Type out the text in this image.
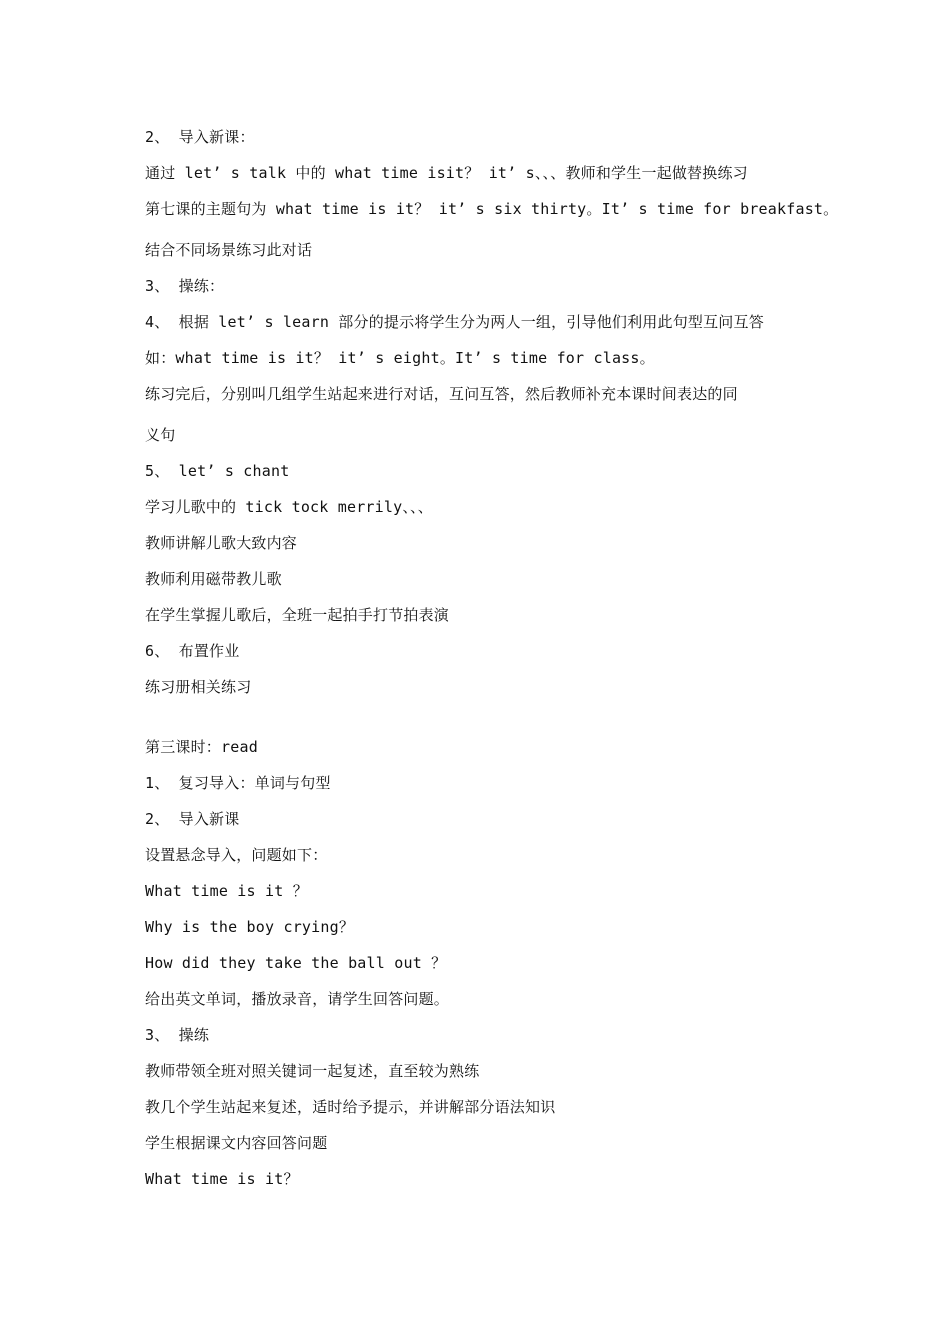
2、 导入新课：

通过 let’ s talk 中的 what time isit？ it’ s、、、教师和学生一起做替换练习

第七课的主题句为 what time is it？ it’ s six thirty。It’ s time for breakfast。

结合不同场景练习此对话

3、 操练：

4、 根据 let’ s learn 部分的提示将学生分为两人一组，引导他们利用此句型互问互答

如：what time is it？ it’ s eight。It’ s time for class。

练习完后，分别叫几组学生站起来进行对话，互问互答，然后教师补充本课时间表达的同

义句

5、 let’ s chant

学习儿歌中的 tick tock merrily、、、

教师讲解儿歌大致内容

教师利用磁带教儿歌

在学生掌握儿歌后，全班一起拍手打节拍表演

6、 布置作业

练习册相关练习

第三课时：read

1、 复习导入：单词与句型

2、 导入新课

设置悬念导入，问题如下：

What time is it ？

Why is the boy crying？

How did they take the ball out ？

给出英文单词，播放录音，请学生回答问题。

3、 操练

教师带领全班对照关键词一起复述，直至较为熟练

教几个学生站起来复述，适时给予提示，并讲解部分语法知识

学生根据课文内容回答问题

What time is it？
